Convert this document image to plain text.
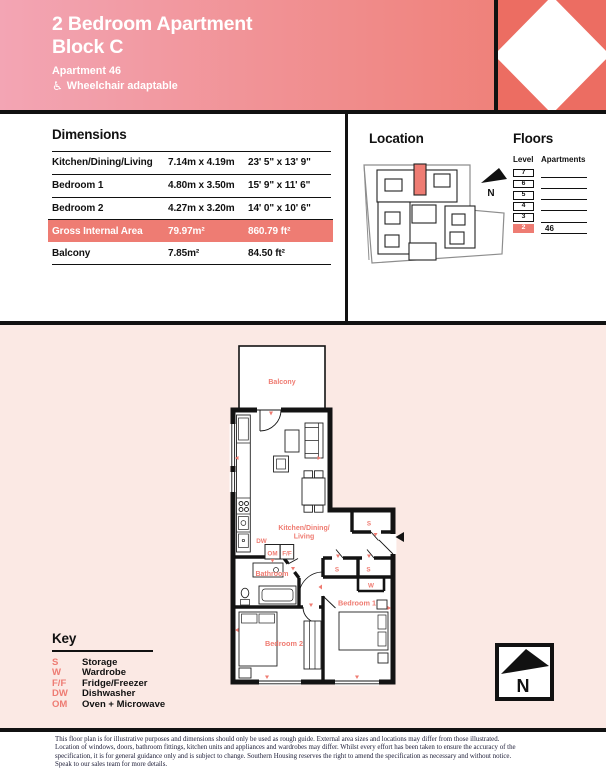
2 Bedroom Apartment
Block C
Apartment 46
♿ Wheelchair adaptable
Dimensions
Kitchen/Dining/Living	7.14m x 4.19m	23' 5" x 13' 9"
Bedroom 1	4.80m x 3.50m	15' 9" x 11' 6"
Bedroom 2	4.27m x 3.20m	14' 0" x 10' 6"
Gross Internal Area	79.97m²	860.79 ft²
Balcony	7.85m²	84.50 ft²
Location
N
Floors
Level Apartments
7
6
5
4
3
2	46
Balcony
Kitchen/Dining/
Living
Bathroom
Bedroom 1
Bedroom 2
S
S	S
W
DW
OM F/F
Key
S	Storage
W	Wardrobe
F/F	Fridge/Freezer
DW	Dishwasher
OM	Oven + Microwave
N
This floor plan is for illustrative purposes and dimensions should only be used as rough guide. External area sizes and locations may differ from those illustrated.
Location of windows, doors, bathroom fittings, kitchen units and appliances and wardrobes may differ. Whilst every effort has been taken to ensure the accuracy of the
specification, it is for general guidance only and is subject to change. Southern Housing reserves the right to amend the specification as necessary and without notice.
Speak to our sales team for more details.
